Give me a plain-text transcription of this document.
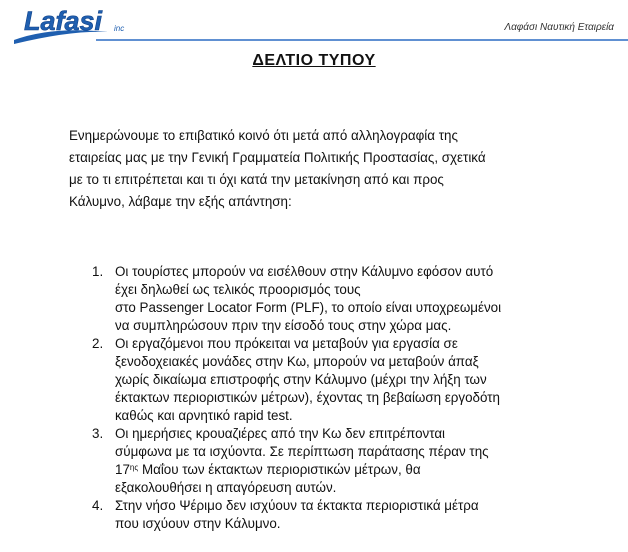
Lafasi inc	Λαφάσι Ναυτική Εταιρεία
ΔΕΛΤΙΟ ΤΥΠΟΥ
Ενημερώνουμε το επιβατικό κοινό ότι μετά από αλληλογραφία της
εταιρείας μας με την Γενική Γραμματεία Πολιτικής Προστασίας, σχετικά
με το τι επιτρέπεται και τι όχι κατά την μετακίνηση από και προς
Κάλυμνο, λάβαμε την εξής απάντηση:
1. Οι τουρίστες μπορούν να εισέλθουν στην Κάλυμνο εφόσον αυτό
έχει δηλωθεί ως τελικός προορισμός τους
στο Passenger Locator Form (PLF), το οποίο είναι υποχρεωμένοι
να συμπληρώσουν πριν την είσοδό τους στην χώρα μας.
2. Οι εργαζόμενοι που πρόκειται να μεταβούν για εργασία σε
ξενοδοχειακές μονάδες στην Κω, μπορούν να μεταβούν άπαξ
χωρίς δικαίωμα επιστροφής στην Κάλυμνο (μέχρι την λήξη των
έκτακτων περιοριστικών μέτρων), έχοντας τη βεβαίωση εργοδότη
καθώς και αρνητικό rapid test.
3. Οι ημερήσιες κρουαζιέρες από την Κω δεν επιτρέπονται
σύμφωνα με τα ισχύοντα. Σε περίπτωση παράτασης πέραν της
$17^{\eta\varsigma}$ Μαΐου των έκτακτων περιοριστικών μέτρων, θα
εξακολουθήσει η απαγόρευση αυτών.
4. Στην νήσο Ψέριμο δεν ισχύουν τα έκτακτα περιοριστικά μέτρα
που ισχύουν στην Κάλυμνο.
